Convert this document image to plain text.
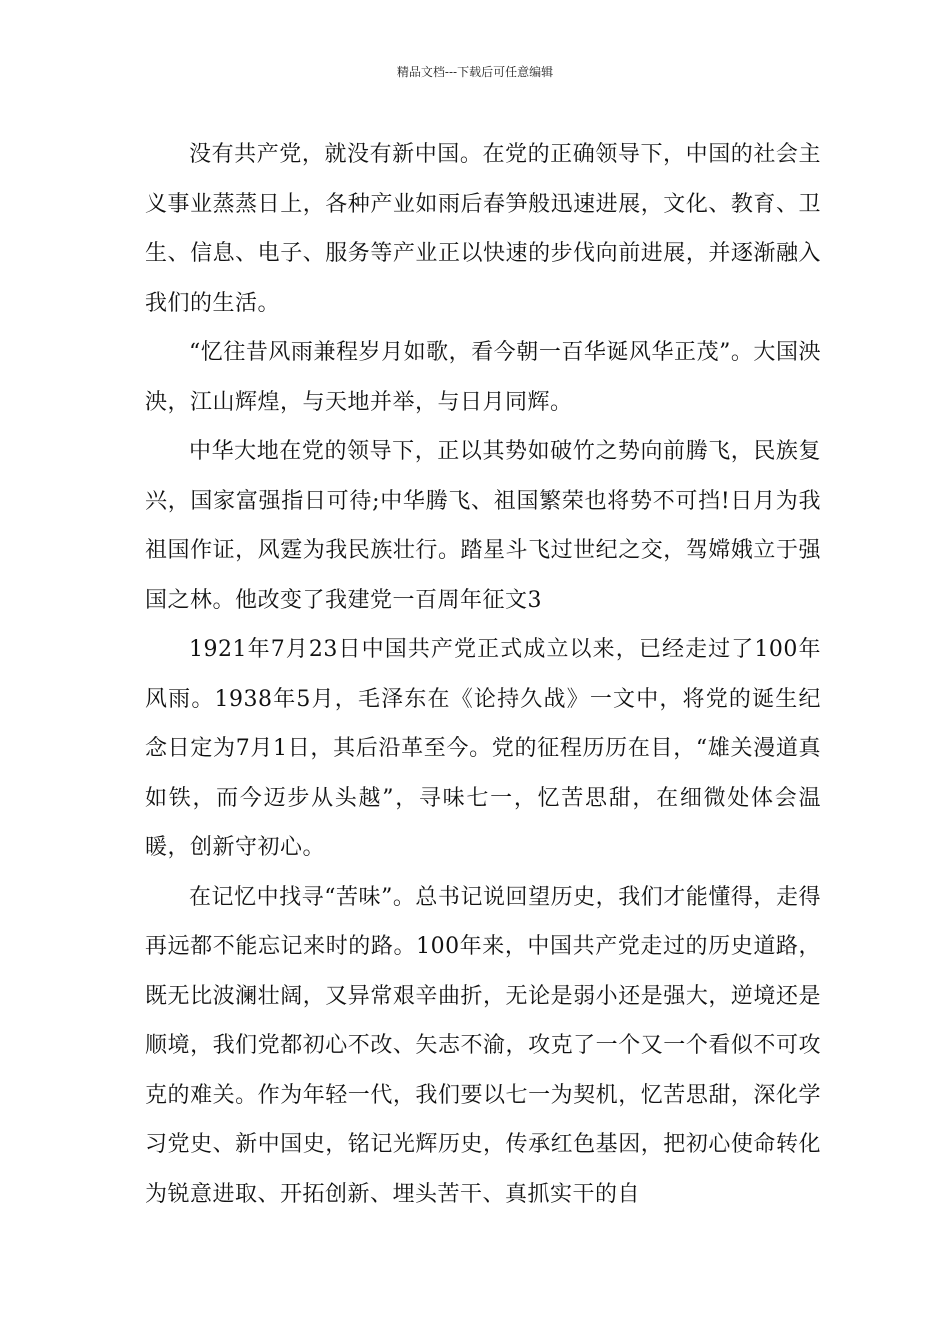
精品文档---下载后可任意编辑

没有共产党，就没有新中国。在党的正确领导下，中国的社会主义事业蒸蒸日上，各种产业如雨后春笋般迅速进展，文化、教育、卫生、信息、电子、服务等产业正以快速的步伐向前进展，并逐渐融入我们的生活。

“忆往昔风雨兼程岁月如歌，看今朝一百华诞风华正茂”。大国泱泱，江山辉煌，与天地并举，与日月同辉。

中华大地在党的领导下，正以其势如破竹之势向前腾飞，民族复兴，国家富强指日可待;中华腾飞、祖国繁荣也将势不可挡!日月为我祖国作证，风霆为我民族壮行。踏星斗飞过世纪之交，驾嫦娥立于强国之林。他改变了我建党一百周年征文3

1921年7月23日中国共产党正式成立以来，已经走过了100年风雨。1938年5月，毛泽东在《论持久战》一文中，将党的诞生纪念日定为7月1日，其后沿革至今。党的征程历历在目，“雄关漫道真如铁，而今迈步从头越”，寻味七一，忆苦思甜，在细微处体会温暖，创新守初心。

在记忆中找寻“苦味”。总书记说回望历史，我们才能懂得，走得再远都不能忘记来时的路。100年来，中国共产党走过的历史道路，既无比波澜壮阔，又异常艰辛曲折，无论是弱小还是强大，逆境还是顺境，我们党都初心不改、矢志不渝，攻克了一个又一个看似不可攻克的难关。作为年轻一代，我们要以七一为契机，忆苦思甜，深化学习党史、新中国史，铭记光辉历史，传承红色基因，把初心使命转化为锐意进取、开拓创新、埋头苦干、真抓实干的自
